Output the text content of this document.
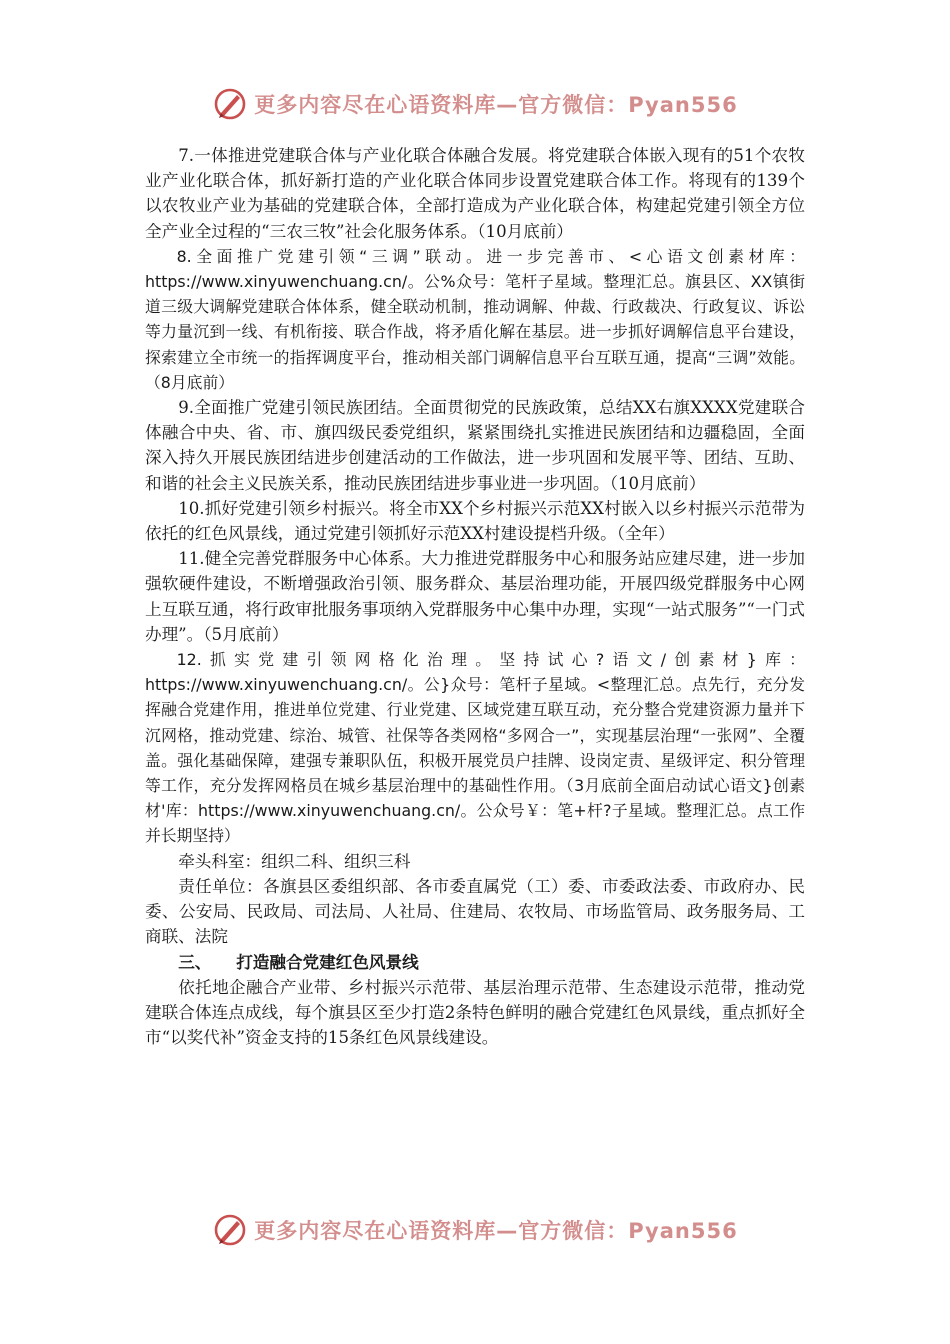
更多内容尽在心语资料库—官方微信：Pyan556

7.一体推进党建联合体与产业化联合体融合发展。将党建联合体嵌入现有的51个农牧业产业化联合体，抓好新打造的产业化联合体同步设置党建联合体工作。将现有的139个以农牧业产业为基础的党建联合体，全部打造成为产业化联合体，构建起党建引领全方位全产业全过程的“三农三牧”社会化服务体系。（10月底前）

8.全面推广党建引领“三调”联动。进一步完善市、<心语文创素材库：https://www.xinyuwenchuang.cn/。公%众号：笔杆子星域。整理汇总。旗县区、XX镇街道三级大调解党建联合体体系，健全联动机制，推动调解、仲裁、行政裁决、行政复议、诉讼等力量沉到一线、有机衔接、联合作战，将矛盾化解在基层。进一步抓好调解信息平台建设，探索建立全市统一的指挥调度平台，推动相关部门调解信息平台互联互通，提高“三调”效能。（8月底前）

9.全面推广党建引领民族团结。全面贯彻党的民族政策，总结XX右旗XXXX党建联合体融合中央、省、市、旗四级民委党组织，紧紧围绕扎实推进民族团结和边疆稳固，全面深入持久开展民族团结进步创建活动的工作做法，进一步巩固和发展平等、团结、互助、和谐的社会主义民族关系，推动民族团结进步事业进一步巩固。（10月底前）

10.抓好党建引领乡村振兴。将全市XX个乡村振兴示范XX村嵌入以乡村振兴示范带为依托的红色风景线，通过党建引领抓好示范XX村建设提档升级。（全年）

11.健全完善党群服务中心体系。大力推进党群服务中心和服务站应建尽建，进一步加强软硬件建设，不断增强政治引领、服务群众、基层治理功能，开展四级党群服务中心网上互联互通，将行政审批服务事项纳入党群服务中心集中办理，实现“一站式服务”“一门式办理”。（5月底前）

12.抓实党建引领网格化治理。坚持试心?语文/创素材}库：https://www.xinyuwenchuang.cn/。公}众号：笔杆子星域。<整理汇总。点先行，充分发挥融合党建作用，推进单位党建、行业党建、区域党建互联互动，充分整合党建资源力量并下沉网格，推动党建、综治、城管、社保等各类网格“多网合一”，实现基层治理“一张网”、全覆盖。强化基础保障，建强专兼职队伍，积极开展党员户挂牌、设岗定责、星级评定、积分管理等工作，充分发挥网格员在城乡基层治理中的基础性作用。（3月底前全面启动试心语文}创素材'库：https://www.xinyuwenchuang.cn/。公众号￥：笔+杆?子星域。整理汇总。点工作并长期坚持）

牵头科室：组织二科、组织三科

责任单位：各旗县区委组织部、各市委直属党（工）委、市委政法委、市政府办、民委、公安局、民政局、司法局、人社局、住建局、农牧局、市场监管局、政务服务局、工商联、法院

三、 打造融合党建红色风景线

依托地企融合产业带、乡村振兴示范带、基层治理示范带、生态建设示范带，推动党建联合体连点成线，每个旗县区至少打造2条特色鲜明的融合党建红色风景线，重点抓好全市“以奖代补”资金支持的15条红色风景线建设。

更多内容尽在心语资料库—官方微信：Pyan556
